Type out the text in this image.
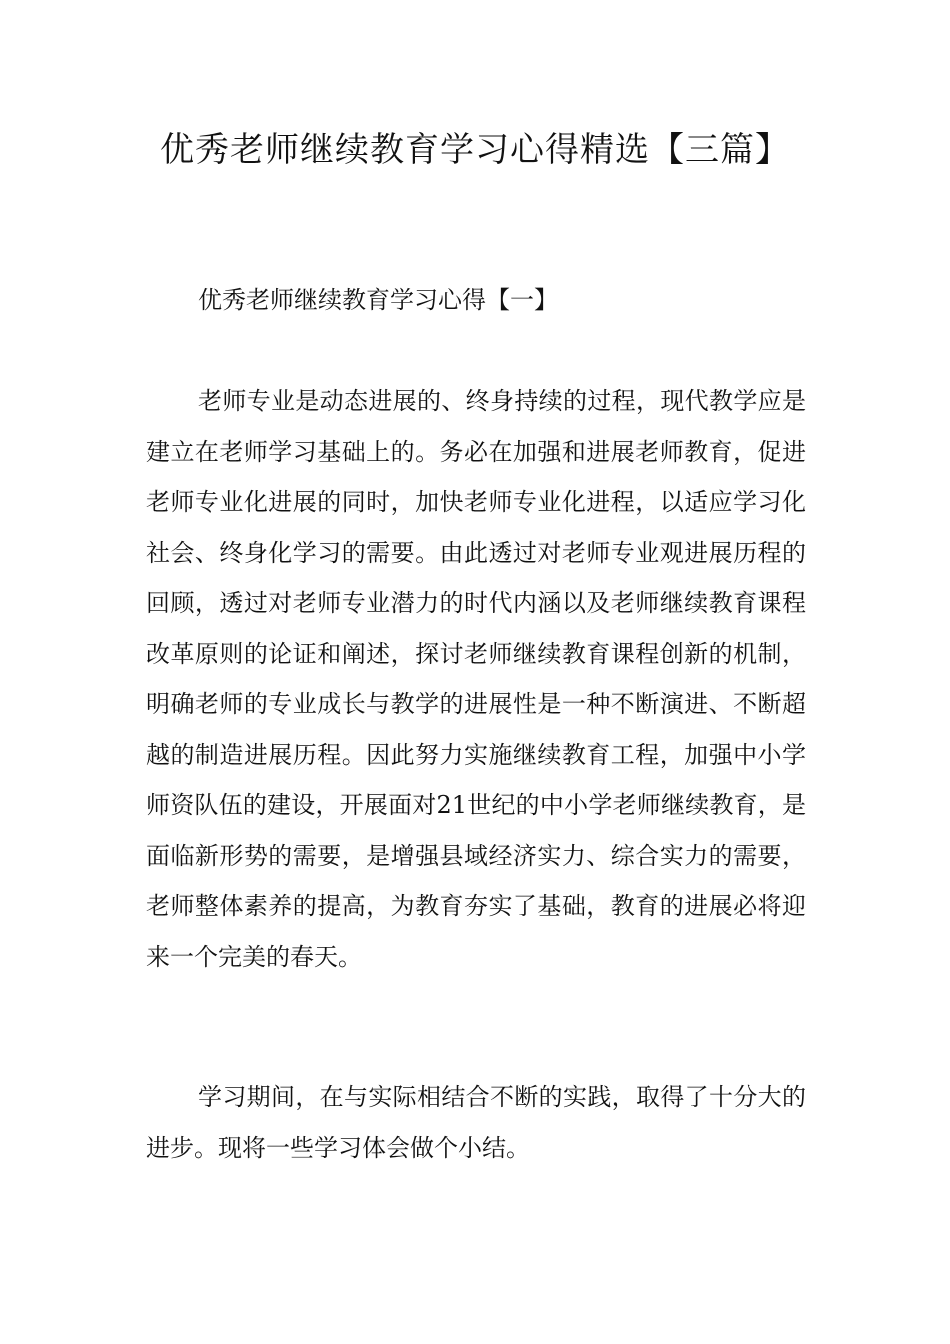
优秀老师继续教育学习心得精选【三篇】
优秀老师继续教育学习心得【一】

老师专业是动态进展的、终身持续的过程，现代教学应是建立在老师学习基础上的。务必在加强和进展老师教育，促进老师专业化进展的同时，加快老师专业化进程，以适应学习化社会、终身化学习的需要。由此透过对老师专业观进展历程的回顾，透过对老师专业潜力的时代内涵以及老师继续教育课程改革原则的论证和阐述，探讨老师继续教育课程创新的机制，明确老师的专业成长与教学的进展性是一种不断演进、不断超越的制造进展历程。因此努力实施继续教育工程，加强中小学师资队伍的建设，开展面对21世纪的中小学老师继续教育，是面临新形势的需要，是增强县域经济实力、综合实力的需要，老师整体素养的提高，为教育夯实了基础，教育的进展必将迎来一个完美的春天。

学习期间，在与实际相结合不断的实践，取得了十分大的进步。现将一些学习体会做个小结。
